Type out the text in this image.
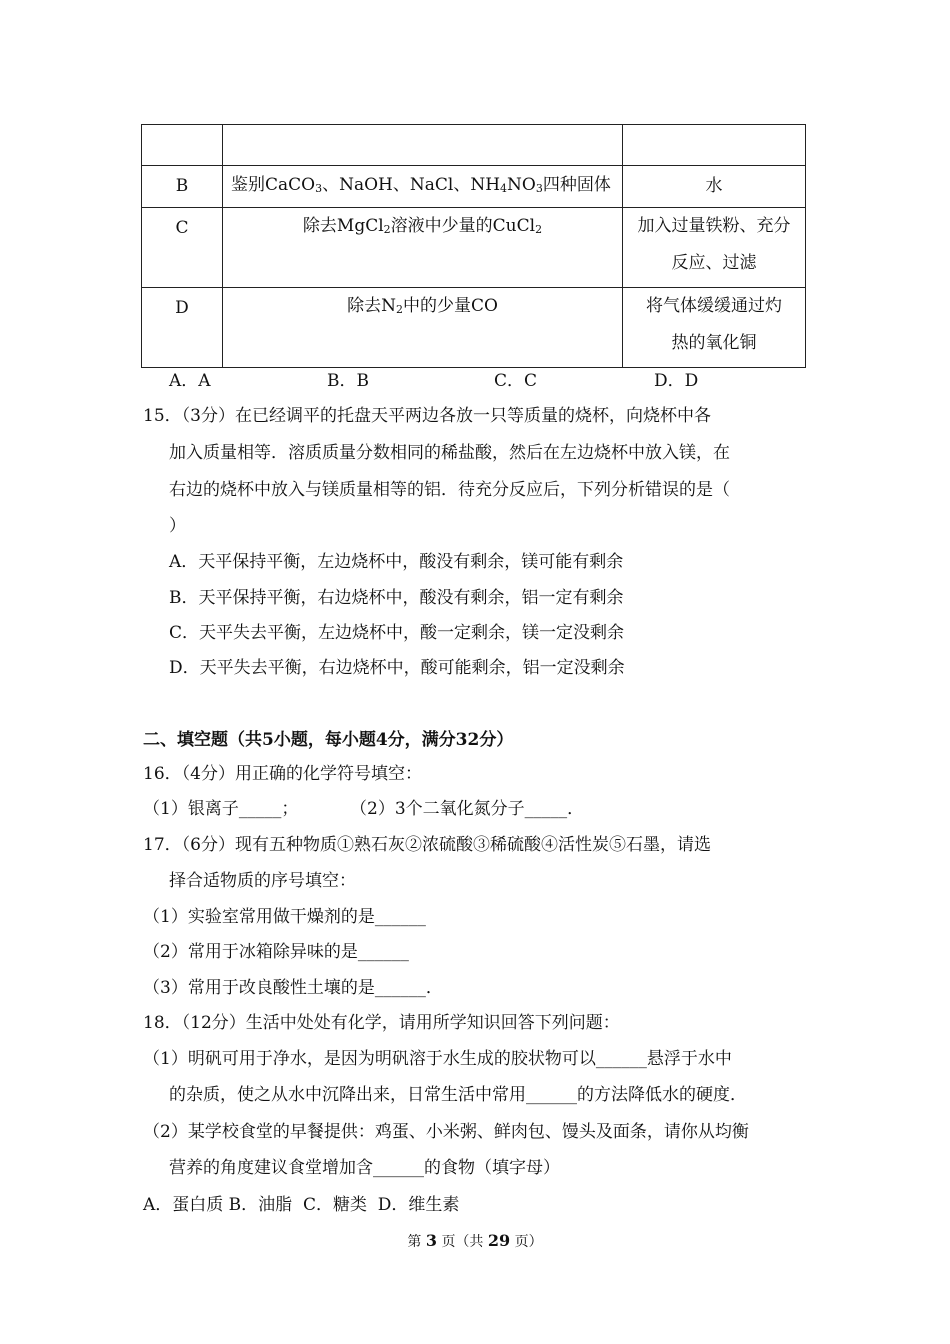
B	鉴别CaCO$_3$、NaOH、NaCl、$NH_4NO_3$四种固体	水
C	除去MgCl$_2$溶液中少量的CuCl$_2$	加入过量铁粉、充分
反应、过滤

D	除去$N_2$中的少量CO	将气体缓缓通过灼
热的氧化铜
A．A	B．B	C．C	D．D
15．（3分）在已经调平的托盘天平两边各放一只等质量的烧杯，向烧杯中各
加入质量相等．溶质质量分数相同的稀盐酸，然后在左边烧杯中放入镁，在
右边的烧杯中放入与镁质量相等的铝．待充分反应后，下列分析错误的是（
）
A．天平保持平衡，左边烧杯中，酸没有剩余，镁可能有剩余
B．天平保持平衡，右边烧杯中，酸没有剩余，铝一定有剩余
C．天平失去平衡，左边烧杯中，酸一定剩余，镁一定没剩余
D．天平失去平衡，右边烧杯中，酸可能剩余，铝一定没剩余
二、填空题（共5小题，每小题4分，满分32分）
16．（4分）用正确的化学符号填空：
（1）银离子_____；	（2）3个二氧化氮分子_____．
17．（6分）现有五种物质①熟石灰②浓硫酸③稀硫酸④活性炭⑤石墨，请选
择合适物质的序号填空：
（1）实验室常用做干燥剂的是______
（2）常用于冰箱除异味的是______
（3）常用于改良酸性土壤的是______．
18．（12分）生活中处处有化学，请用所学知识回答下列问题：
（1）明矾可用于净水，是因为明矾溶于水生成的胶状物可以______悬浮于水中
的杂质，使之从水中沉降出来，日常生活中常用______的方法降低水的硬度．
（2）某学校食堂的早餐提供：鸡蛋、小米粥、鲜肉包、馒头及面条，请你从均衡
营养的角度建议食堂增加含______的食物（填字母）
A．蛋白质 B．油脂  C．糖类  D．维生素
第 3 页（共 29 页）
